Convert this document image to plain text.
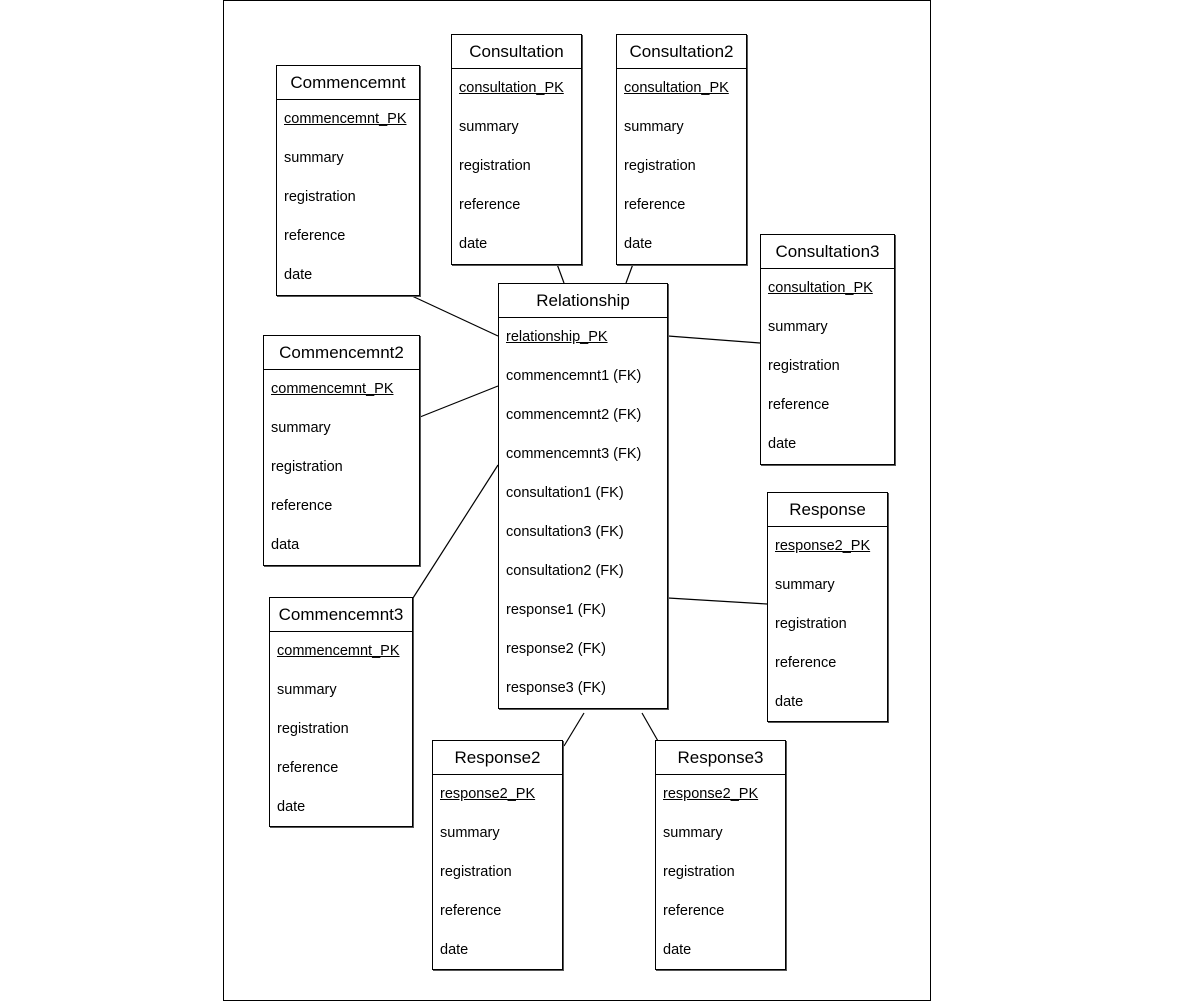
Commencemnt
commencemnt_PK
summary
registration
reference
date
Consultation
consultation_PK
summary
registration
reference
date
Consultation2
consultation_PK
summary
registration
reference
date	Consultation3
consultation_PK
summary
registration
reference
date
Commencemnt2
commencemnt_PK
summary
registration
reference
data
Relationship
relationship_PK
commencemnt1 (FK)
commencemnt2 (FK)
commencemnt3 (FK)
consultation1 (FK)
consultation3 (FK)
consultation2 (FK)
response1 (FK)
response2 (FK)
response3 (FK)
Response
response2_PK
summary
registration
reference
date
Commencemnt3
commencemnt_PK
summary
registration
reference
date
Response2
response2_PK
summary
registration
reference
date
Response3
response2_PK
summary
registration
reference
date
